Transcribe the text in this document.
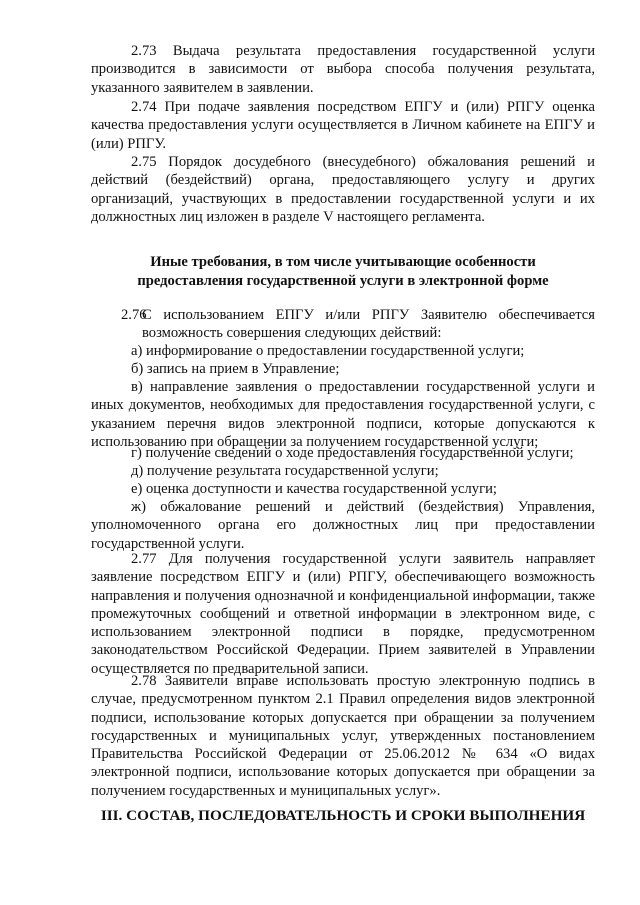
2.73 Выдача результата предоставления государственной услуги производится в зависимости от выбора способа получения результата, указанного заявителем в заявлении.

2.74 При подаче заявления посредством ЕПГУ и (или) РПГУ оценка качества предоставления услуги осуществляется в Личном кабинете на ЕПГУ и (или) РПГУ.

2.75 Порядок досудебного (внесудебного) обжалования решений и действий (бездействий) органа, предоставляющего услугу и других организаций, участвующих в предоставлении государственной услуги и их должностных лиц изложен в разделе V настоящего регламента.

Иные требования, в том числе учитывающие особенности
предоставления государственной услуги в электронной форме
2.76
С использованием ЕПГУ и/или РПГУ Заявителю обеспечивается возможность совершения следующих действий:

а) информирование о предоставлении государственной услуги;

б) запись на прием в Управление;

в) направление заявления о предоставлении государственной услуги и иных документов, необходимых для предоставления государственной услуги, с указанием перечня видов электронной подписи, которые допускаются к использованию при обращении за получением государственной услуги;

г) получение сведений о ходе предоставления государственной услуги;

д) получение результата государственной услуги;

е) оценка доступности и качества государственной услуги;

ж) обжалование решений и действий (бездействия) Управления, уполномоченного органа его должностных лиц при предоставлении государственной услуги.

2.77 Для получения государственной услуги заявитель направляет заявление посредством ЕПГУ и (или) РПГУ, обеспечивающего возможность направления и получения однозначной и конфиденциальной информации, также промежуточных сообщений и ответной информации в электронном виде, с использованием электронной подписи в порядке, предусмотренном законодательством Российской Федерации. Прием заявителей в Управлении осуществляется по предварительной записи.

2.78 Заявители вправе использовать простую электронную подпись в случае, предусмотренном пунктом 2.1 Правил определения видов электронной подписи, использование которых допускается при обращении за получением государственных и муниципальных услуг, утвержденных постановлением Правительства Российской Федерации от 25.06.2012 № 634 «О видах электронной подписи, использование которых допускается при обращении за получением государственных и муниципальных услуг».

III. СОСТАВ, ПОСЛЕДОВАТЕЛЬНОСТЬ И СРОКИ ВЫПОЛНЕНИЯ
